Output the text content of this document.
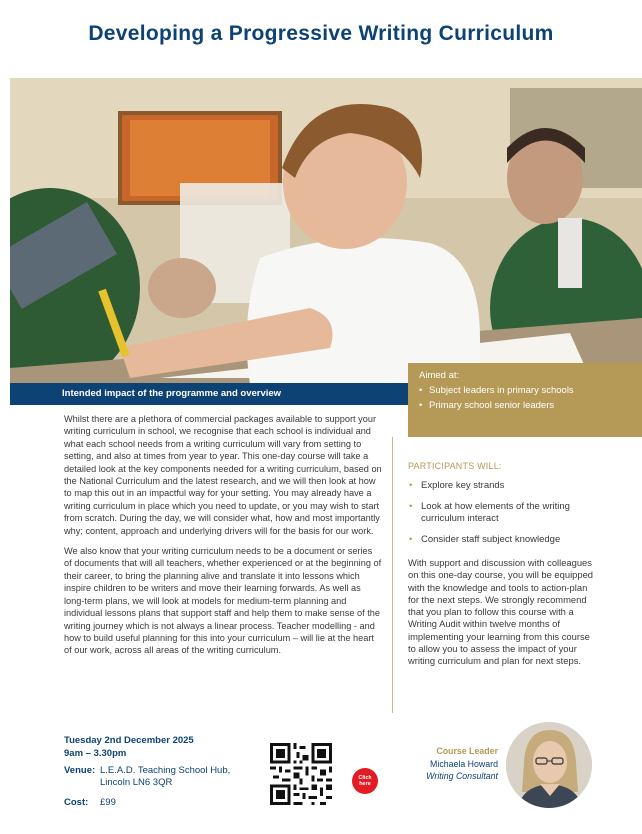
Developing a Progressive Writing Curriculum
Intended impact of the programme and overview
Aimed at:
• Subject leaders in primary schools
• Primary school senior leaders

Whilst there are a plethora of commercial packages available to support your writing curriculum in school, we recognise that each school is individual and what each school needs from a writing curriculum will vary from setting to setting, and also at times from year to year. This one-day course will take a detailed look at the key components needed for a writing curriculum, based on the National Curriculum and the latest research, and we will then look at how to map this out in an impactful way for your setting. You may already have a writing curriculum in place which you need to update, or you may wish to start from scratch. During the day, we will consider what, how and most importantly why; content, approach and underlying drivers will for the basis for our work.

We also know that your writing curriculum needs to be a document or series of documents that will all teachers, whether experienced or at the beginning of their career, to bring the planning alive and translate it into lessons which inspire children to be writers and move their learning forwards. As well as long-term plans, we will look at models for medium-term planning and individual lessons plans that support staff and help them to make sense of the writing journey which is not always a linear process. Teacher modelling - and how to build useful planning for this into your curriculum – will lie at the heart of our work, across all areas of the writing curriculum.

PARTICIPANTS WILL:
• Explore key strands
• Look at how elements of the writing curriculum interact
• Consider staff subject knowledge
With support and discussion with colleagues on this one-day course, you will be equipped with the knowledge and tools to action-plan for the next steps. We strongly recommend that you plan to follow this course with a Writing Audit within twelve months of implementing your learning from this course to allow you to assess the impact of your writing curriculum and plan for next steps.
Tuesday 2nd December 2025
9am – 3.30pm
Venue: L.E.A.D. Teaching School Hub,
Lincoln LN6 3QR
Cost:	£99
Click
here
Course Leader
Michaela Howard
Writing Consultant
